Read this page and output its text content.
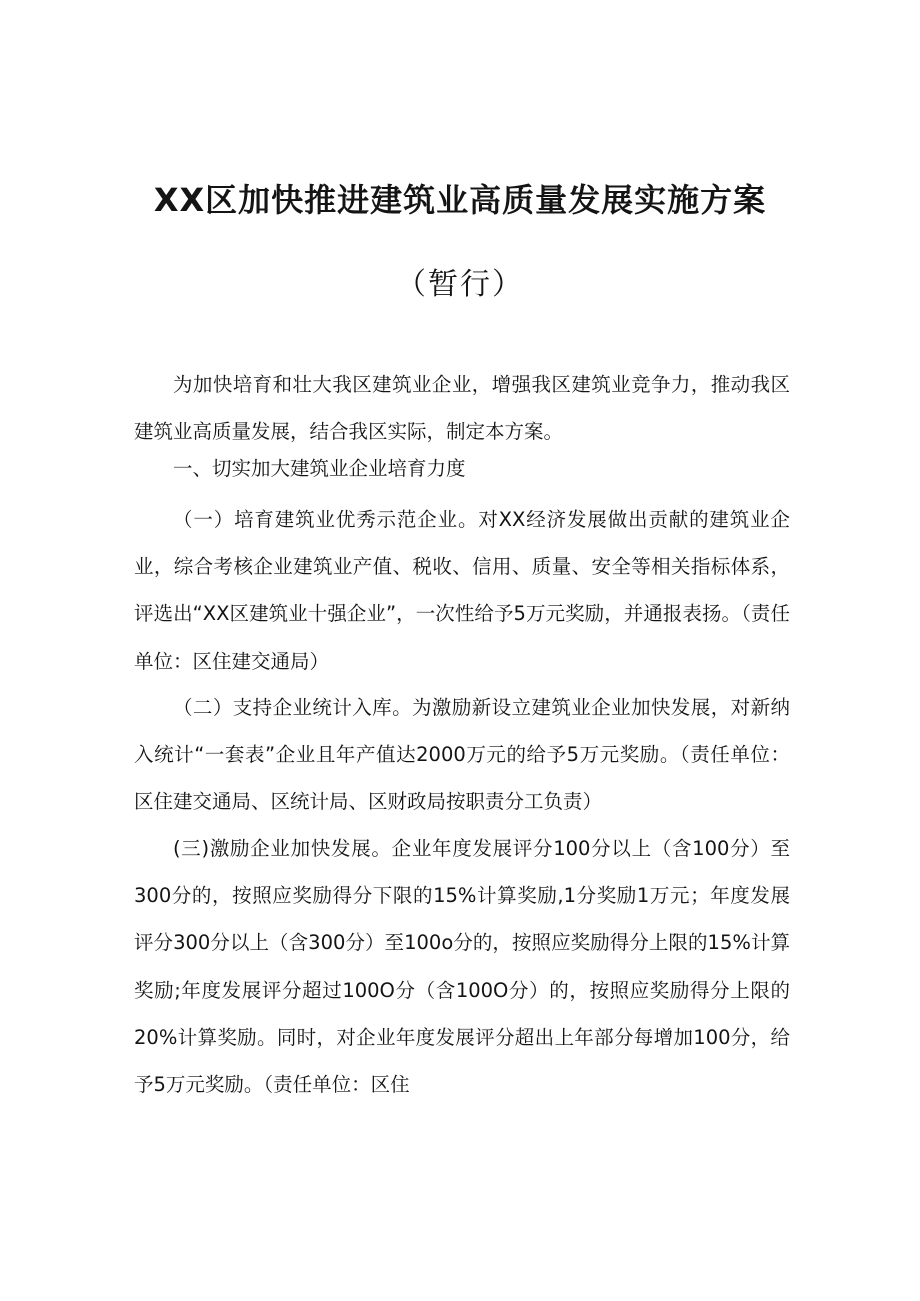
XX区加快推进建筑业高质量发展实施方案
（暂行）
为加快培育和壮大我区建筑业企业，增强我区建筑业竞争力，推动我区建筑业高质量发展，结合我区实际，制定本方案。
一、切实加大建筑业企业培育力度
（一）培育建筑业优秀示范企业。对XX经济发展做出贡献的建筑业企业，综合考核企业建筑业产值、税收、信用、质量、安全等相关指标体系，评选出“XX区建筑业十强企业”，一次性给予5万元奖励，并通报表扬。（责任单位：区住建交通局）
（二）支持企业统计入库。为激励新设立建筑业企业加快发展，对新纳入统计“一套表”企业且年产值达2000万元的给予5万元奖励。（责任单位：区住建交通局、区统计局、区财政局按职责分工负责）
(三)激励企业加快发展。企业年度发展评分100分以上（含100分）至300分的，按照应奖励得分下限的15%计算奖励,1分奖励1万元；年度发展评分300分以上（含300分）至100o分的，按照应奖励得分上限的15%计算奖励;年度发展评分超过100O分（含100O分）的，按照应奖励得分上限的20%计算奖励。同时，对企业年度发展评分超出上年部分每增加100分，给予5万元奖励。（责任单位：区住
